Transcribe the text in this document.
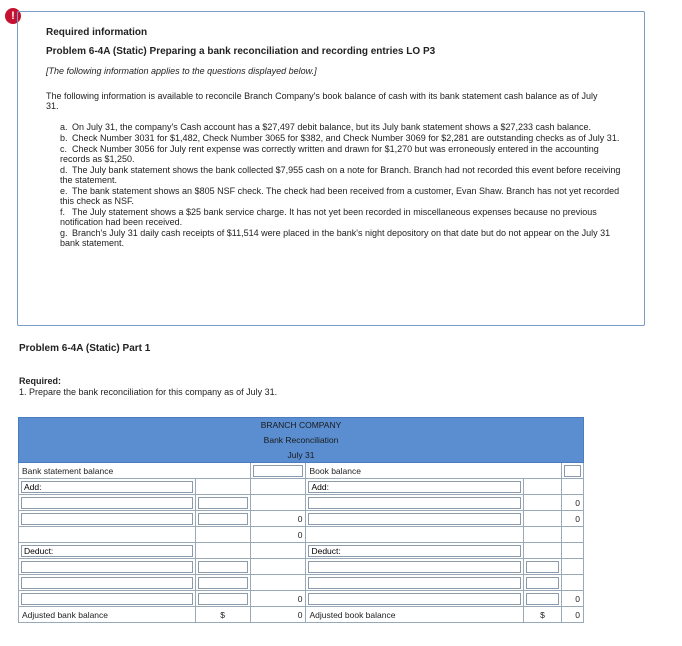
!
Required information
Problem 6-4A (Static) Preparing a bank reconciliation and recording entries LO P3
[The following information applies to the questions displayed below.]
The following information is available to reconcile Branch Company's book balance of cash with its bank statement cash balance as of July 31.
a. On July 31, the company's Cash account has a $27,497 debit balance, but its July bank statement shows a $27,233 cash balance.
b. Check Number 3031 for $1,482, Check Number 3065 for $382, and Check Number 3069 for $2,281 are outstanding checks as of July 31.
c. Check Number 3056 for July rent expense was correctly written and drawn for $1,270 but was erroneously entered in the accounting records as $1,250.
d. The July bank statement shows the bank collected $7,955 cash on a note for Branch. Branch had not recorded this event before receiving the statement.
e. The bank statement shows an $805 NSF check. The check had been received from a customer, Evan Shaw. Branch has not yet recorded this check as NSF.
f. The July statement shows a $25 bank service charge. It has not yet been recorded in miscellaneous expenses because no previous notification had been received.
g. Branch's July 31 daily cash receipts of $11,514 were placed in the bank's night depository on that date but do not appear on the July 31 bank statement.
Problem 6-4A (Static) Part 1
Required:
1. Prepare the bank reconciliation for this company as of July 31.
BRANCH COMPANY					
Bank Reconciliation					
July 31					
Bank statement balance			Book balance	
Add:			Add:		
					0
		0			0
		0			
Deduct:			Deduct:		

		0			0
Adjusted bank balance	$	0	Adjusted book balance	$	0
